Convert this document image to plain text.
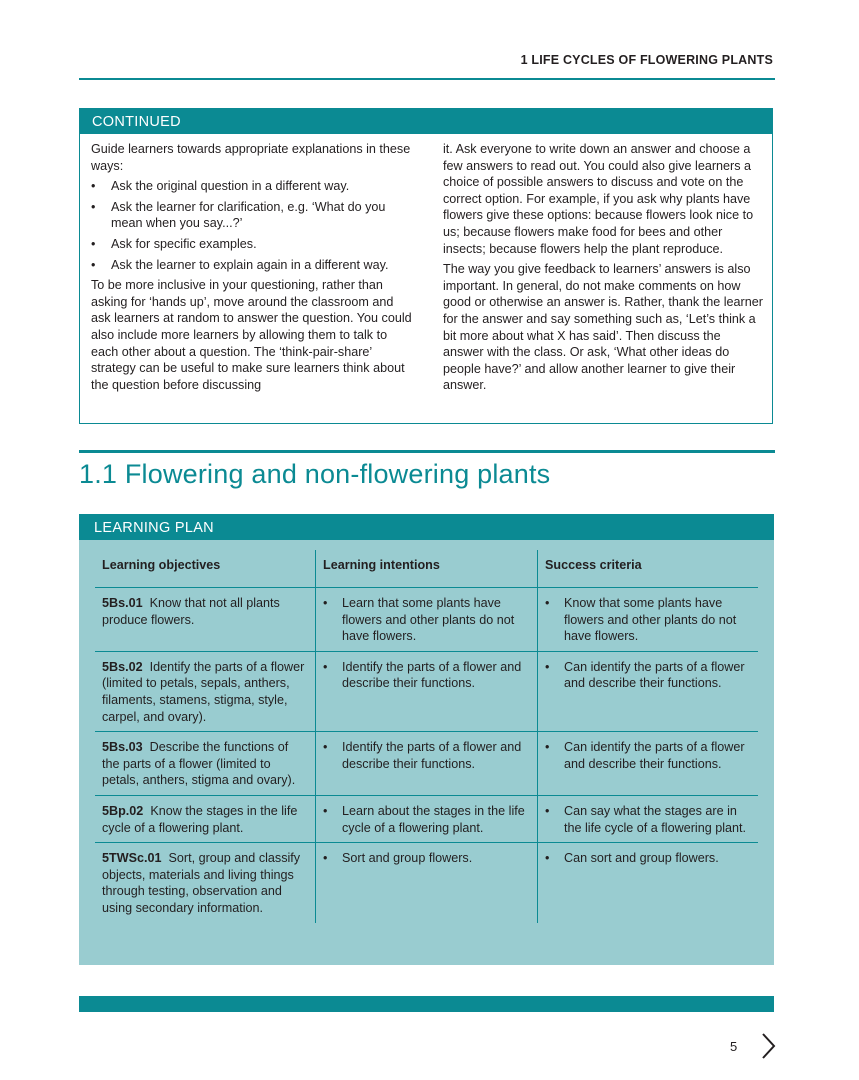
1 LIFE CYCLES OF FLOWERING PLANTS
CONTINUED

Guide learners towards appropriate explanations in these ways:

• Ask the original question in a different way.
• Ask the learner for clarification, e.g. ‘What do you mean when you say...?’
• Ask for specific examples.
• Ask the learner to explain again in a different way.

To be more inclusive in your questioning, rather than asking for ‘hands up’, move around the classroom and ask learners at random to answer the question. You could also include more learners by allowing them to talk to each other about a question. The ‘think-pair-share’ strategy can be useful to make sure learners think about the question before discussing

it. Ask everyone to write down an answer and choose a few answers to read out. You could also give learners a choice of possible answers to discuss and vote on the correct option. For example, if you ask why plants have flowers give these options: because flowers look nice to us; because flowers make food for bees and other insects; because flowers help the plant reproduce.

The way you give feedback to learners’ answers is also important. In general, do not make comments on how good or otherwise an answer is. Rather, thank the learner for the answer and say something such as, ‘Let’s think a bit more about what X has said’. Then discuss the answer with the class. Or ask, ‘What other ideas do people have?’ and allow another learner to give their answer.

1.1 Flowering and non-flowering plants
LEARNING PLAN
Learning objectives	Learning intentions	Success criteria
5Bs.01 Know that not all plants produce flowers.	• Learn that some plants have flowers and other plants do not have flowers.	• Know that some plants have flowers and other plants do not have flowers.

5Bs.02 Identify the parts of a flower (limited to petals, sepals, anthers, filaments, stamens, stigma, style, carpel, and ovary).	• Identify the parts of a flower and describe their functions.	• Can identify the parts of a flower and describe their functions.

5Bs.03 Describe the functions of the parts of a flower (limited to petals, anthers, stigma and ovary).	• Identify the parts of a flower and describe their functions.	• Can identify the parts of a flower and describe their functions.

5Bp.02 Know the stages in the life cycle of a flowering plant.	• Learn about the stages in the life cycle of a flowering plant.	• Can say what the stages are in the life cycle of a flowering plant.

5TWSc.01 Sort, group and classify objects, materials and living things through testing, observation and using secondary information.	• Sort and group flowers.	• Can sort and group flowers.
5
